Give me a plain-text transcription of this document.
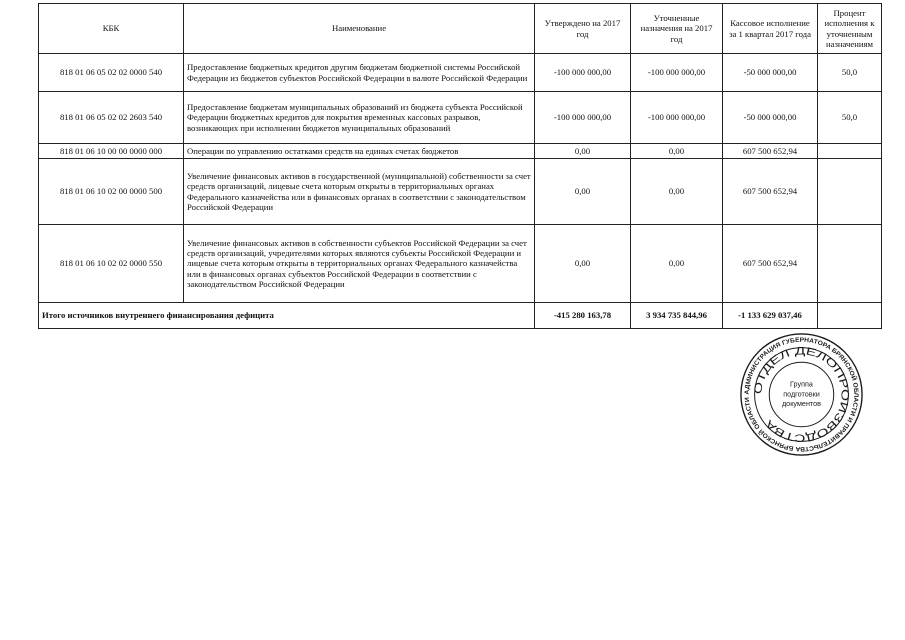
КБК	Наименование	Утверждено на 2017 год	Уточненные назначения на 2017 год	Кассовое исполнение за 1 квартал 2017 года	Процент исполнения к уточненным назначениям
818 01 06 05 02 02 0000 540	Предоставление бюджетных кредитов другим бюджетам бюджетной системы Российской Федерации из бюджетов субъектов Российской Федерации в валюте Российской Федерации	-100 000 000,00	-100 000 000,00	-50 000 000,00	50,0
818 01 06 05 02 02 2603 540	Предоставление бюджетам муниципальных образований из бюджета субъекта Российской Федерации бюджетных кредитов для покрытия временных кассовых разрывов, возникающих при исполнении бюджетов муниципальных образований	-100 000 000,00	-100 000 000,00	-50 000 000,00	50,0
818 01 06 10 00 00 0000 000	Операции по управлению остатками средств на единых счетах бюджетов	0,00	0,00	607 500 652,94	
818 01 06 10 02 00 0000 500	Увеличение финансовых активов в государственной (муниципальной) собственности за счет средств организаций, лицевые счета которым открыты в территориальных органах Федерального казначейства или в финансовых органах в соответствии с законодательством Российской Федерации	0,00	0,00	607 500 652,94	
818 01 06 10 02 02 0000 550	Увеличение финансовых активов в собственности субъектов Российской Федерации за счет средств организаций, учредителями которых являются субъекты Российской Федерации и лицевые счета которым открыты в территориальных органах Федерального казначейства или в финансовых органах субъектов Российской Федерации в соответствии с законодательством Российской Федерации	0,00	0,00	607 500 652,94	
Итого источников внутреннего финансирования дефицита		-415 280 163,78	3 934 735 844,96	-1 133 629 037,46	
АДМИНИСТРАЦИЯ ГУБЕРНАТОРА БРЯНСКОЙ ОБЛАСТИ И ПРАВИТЕЛЬСТВА БРЯНСКОЙ ОБЛАСТИ
ОТДЕЛ ДЕЛОПРОИЗВОДСТВА
Группа
подготовки
документов
